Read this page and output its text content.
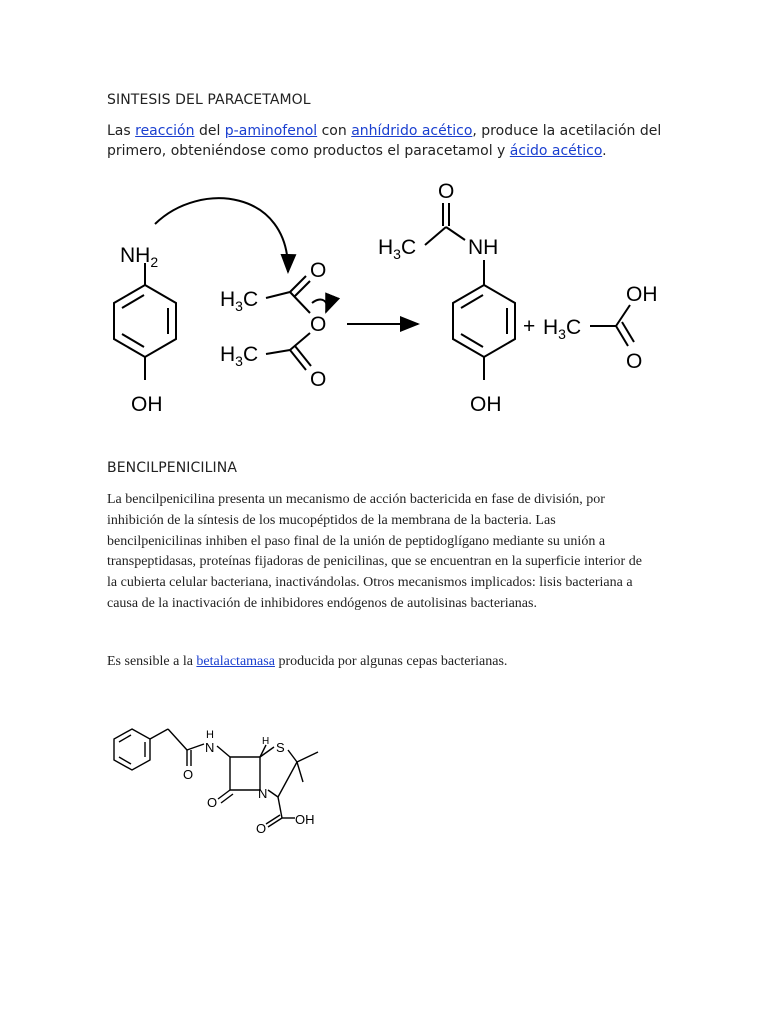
SINTESIS DEL PARACETAMOL
Las reacción del p-aminofenol con anhídrido acético, produce la acetilación del primero, obteniéndose como productos el paracetamol y ácido acético.
$NH_2$
OH
$H_3C$
O
O
$H_3C$
O
O
$H_3C$ NH
OH
+ $H_3C$
OH
O
BENCILPENICILINA
La bencilpenicilina presenta un mecanismo de acción bactericida en fase de división, por inhibición de la síntesis de los mucopéptidos de la membrana de la bacteria. Las bencilpenicilinas inhiben el paso final de la unión de peptidoglígano mediante su unión a transpeptidasas, proteínas fijadoras de penicilinas, que se encuentran en la superficie interior de la cubierta celular bacteriana, inactivándolas. Otros mecanismos implicados: lisis bacteriana a causa de la inactivación de inhibidores endógenos de autolisinas bacterianas.
Es sensible a la betalactamasa producida por algunas cepas bacterianas.
H
N
O
H S
N
O
O
OH
